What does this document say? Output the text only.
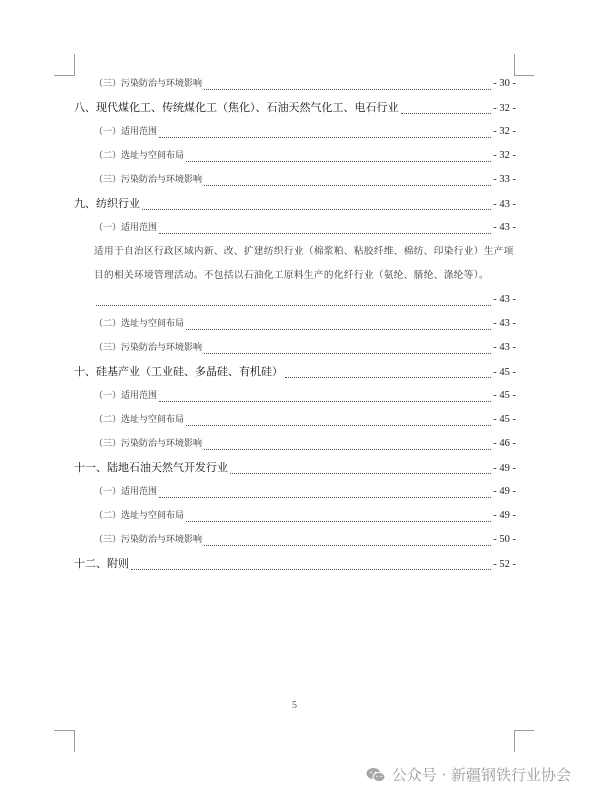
（三）污染防治与环境影响	- 30 -
八、现代煤化工、传统煤化工（焦化）、石油天然气化工、电石行业	- 32 -
（一）适用范围	- 32 -
（二）选址与空间布局	- 32 -
（三）污染防治与环境影响	- 33 -
九、纺织行业	- 43 -
（一）适用范围	- 43 -
适用于自治区行政区域内新、改、扩建纺织行业（棉浆粕、粘胶纤维、棉纺、印染行业）生产项目的相关环境管理活动。不包括以石油化工原料生产的化纤行业（氨纶、腈纶、涤纶等）。
- 43 -
（二）选址与空间布局	- 43 -
（三）污染防治与环境影响	- 43 -
十、硅基产业（工业硅、多晶硅、有机硅）	- 45 -
（一）适用范围	- 45 -
（二）选址与空间布局	- 45 -
（三）污染防治与环境影响	- 46 -
十一、陆地石油天然气开发行业	- 49 -
（一）适用范围	- 49 -
（二）选址与空间布局	- 49 -
（三）污染防治与环境影响	- 50 -
十二、附则	- 52 -
5
公众号 · 新疆钢铁行业协会
